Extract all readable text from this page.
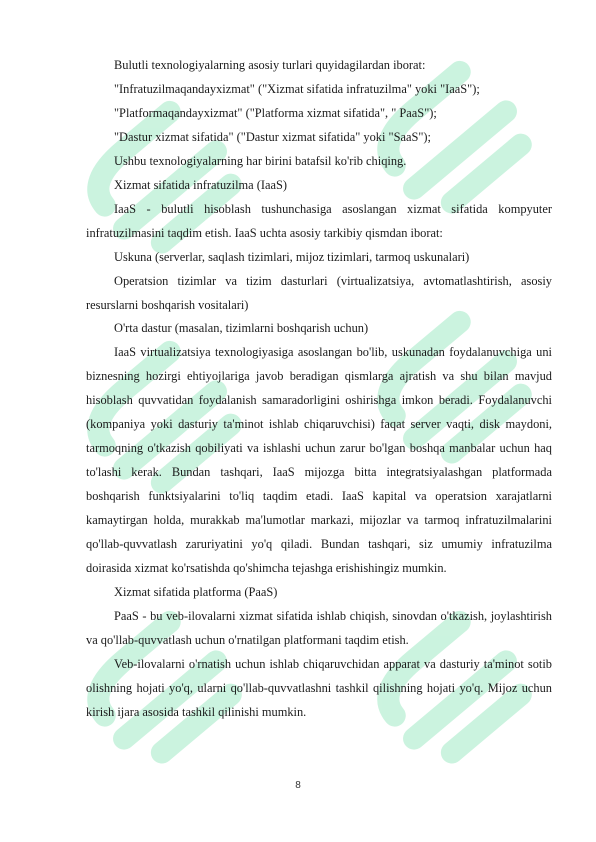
Bulutli texnologiyalarning asosiy turlari quyidagilardan iborat:

"Infratuzilmaqandayxizmat" ("Xizmat sifatida infratuzilma" yoki "IaaS");

"Platformaqandayxizmat" ("Platforma xizmat sifatida", " PaaS");

"Dastur xizmat sifatida" ("Dastur xizmat sifatida" yoki "SaaS");

Ushbu texnologiyalarning har birini batafsil ko'rib chiqing.

Xizmat sifatida infratuzilma (IaaS)

IaaS - bulutli hisoblash tushunchasiga asoslangan xizmat sifatida kompyuter infratuzilmasini taqdim etish. IaaS uchta asosiy tarkibiy qismdan iborat:

Uskuna (serverlar, saqlash tizimlari, mijoz tizimlari, tarmoq uskunalari)

Operatsion tizimlar va tizim dasturlari (virtualizatsiya, avtomatlashtirish, asosiy resurslarni boshqarish vositalari)

O'rta dastur (masalan, tizimlarni boshqarish uchun)

IaaS virtualizatsiya texnologiyasiga asoslangan bo'lib, uskunadan foydalanuvchiga uni biznesning hozirgi ehtiyojlariga javob beradigan qismlarga ajratish va shu bilan mavjud hisoblash quvvatidan foydalanish samaradorligini oshirishga imkon beradi. Foydalanuvchi (kompaniya yoki dasturiy ta'minot ishlab chiqaruvchisi) faqat server vaqti, disk maydoni, tarmoqning o'tkazish qobiliyati va ishlashi uchun zarur bo'lgan boshqa manbalar uchun haq to'lashi kerak. Bundan tashqari, IaaS mijozga bitta integratsiyalashgan platformada boshqarish funktsiyalarini to'liq taqdim etadi. IaaS kapital va operatsion xarajatlarni kamaytirgan holda, murakkab ma'lumotlar markazi, mijozlar va tarmoq infratuzilmalarini qo'llab-quvvatlash zaruriyatini yo'q qiladi. Bundan tashqari, siz umumiy infratuzilma doirasida xizmat ko'rsatishda qo'shimcha tejashga erishishingiz mumkin.

Xizmat sifatida platforma (PaaS)

PaaS - bu veb-ilovalarni xizmat sifatida ishlab chiqish, sinovdan o'tkazish, joylashtirish va qo'llab-quvvatlash uchun o'rnatilgan platformani taqdim etish.

Veb-ilovalarni o'rnatish uchun ishlab chiqaruvchidan apparat va dasturiy ta'minot sotib olishning hojati yo'q, ularni qo'llab-quvvatlashni tashkil qilishning hojati yo'q. Mijoz uchun kirish ijara asosida tashkil qilinishi mumkin.

8
